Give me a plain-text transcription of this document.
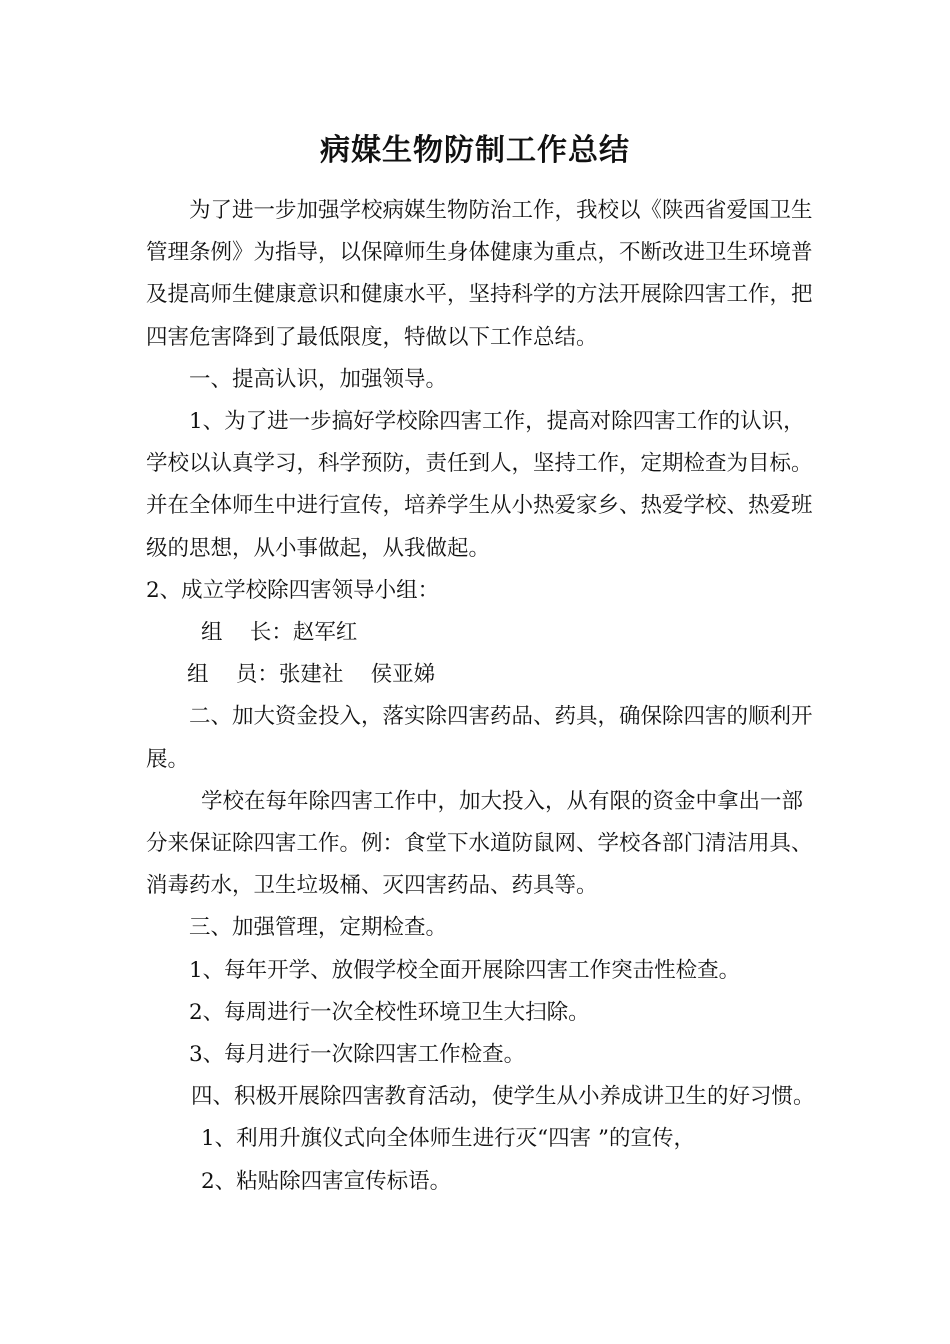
病媒生物防制工作总结

为了进一步加强学校病媒生物防治工作，我校以《陕西省爱国卫生管理条例》为指导，以保障师生身体健康为重点，不断改进卫生环境普及提高师生健康意识和健康水平，坚持科学的方法开展除四害工作，把四害危害降到了最低限度，特做以下工作总结。

一、提高认识，加强领导。

1、为了进一步搞好学校除四害工作，提高对除四害工作的认识，学校以认真学习，科学预防，责任到人，坚持工作，定期检查为目标。并在全体师生中进行宣传，培养学生从小热爱家乡、热爱学校、热爱班级的思想，从小事做起，从我做起。

2、成立学校除四害领导小组：

组    长：赵军红

组    员：张建社    侯亚娣

二、加大资金投入，落实除四害药品、药具，确保除四害的顺利开展。

学校在每年除四害工作中，加大投入，从有限的资金中拿出一部分来保证除四害工作。例：食堂下水道防鼠网、学校各部门清洁用具、消毒药水，卫生垃圾桶、灭四害药品、药具等。

三、加强管理，定期检查。

1、每年开学、放假学校全面开展除四害工作突击性检查。

2、每周进行一次全校性环境卫生大扫除。

3、每月进行一次除四害工作检查。

四、积极开展除四害教育活动，使学生从小养成讲卫生的好习惯。

1、利用升旗仪式向全体师生进行灭“四害 ”的宣传，

2、粘贴除四害宣传标语。
